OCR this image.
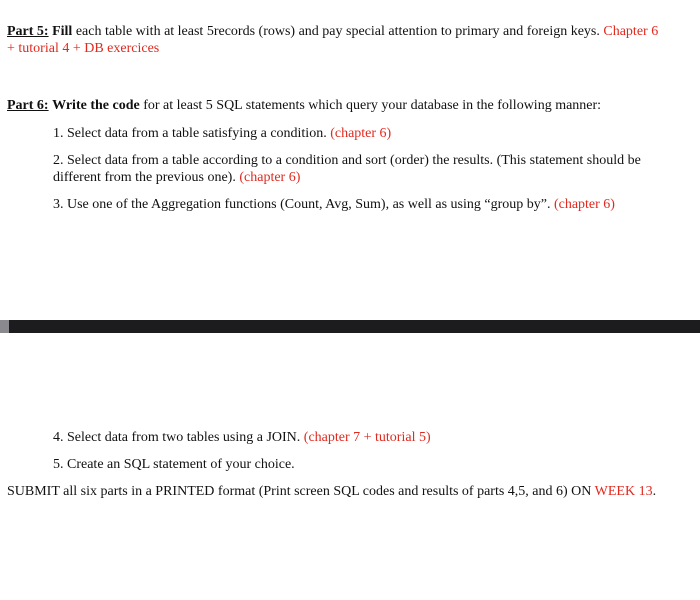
Part 5: Fill each table with at least 5records (rows) and pay special attention to primary and foreign keys. Chapter 6 + tutorial 4 + DB exercices
Part 6: Write the code for at least 5 SQL statements which query your database in the following manner:
1. Select data from a table satisfying a condition. (chapter 6)
2. Select data from a table according to a condition and sort (order) the results. (This statement should be different from the previous one). (chapter 6)
3. Use one of the Aggregation functions (Count, Avg, Sum), as well as using “group by”. (chapter 6)
4. Select data from two tables using a JOIN. (chapter 7 + tutorial 5)
5. Create an SQL statement of your choice.
SUBMIT all six parts in a PRINTED format (Print screen SQL codes and results of parts 4,5, and 6) ON WEEK 13.
